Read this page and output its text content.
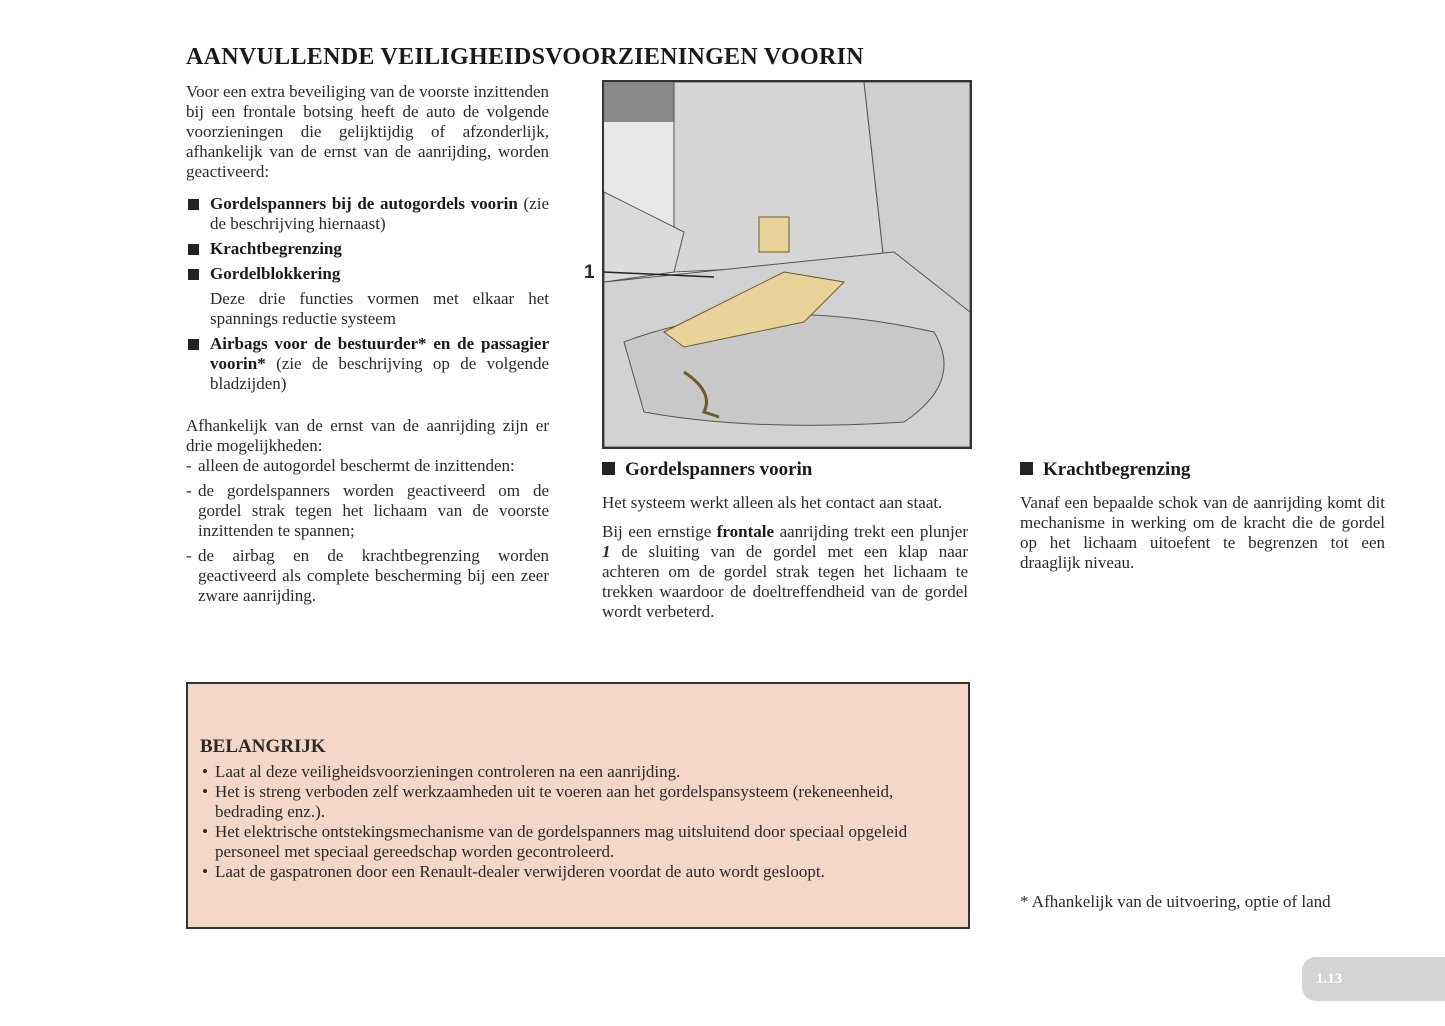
AANVULLENDE VEILIGHEIDSVOORZIENINGEN VOORIN

Voor een extra beveiliging van de voorste inzittenden bij een frontale botsing heeft de auto de volgende voorzieningen die gelijktijdig of afzonderlijk, afhankelijk van de ernst van de aanrijding, worden geactiveerd:

Gordelspanners bij de autogordels voorin (zie de beschrijving hiernaast)

Krachtbegrenzing

Gordelblokkering

Deze drie functies vormen met elkaar het spannings reductie systeem

Airbags voor de bestuurder* en de passagier voorin* (zie de beschrijving op de volgende bladzijden)

Afhankelijk van de ernst van de aanrijding zijn er drie mogelijkheden:

- alleen de autogordel beschermt de inzittenden:

- de gordelspanners worden geactiveerd om de gordel strak tegen het lichaam van de voorste inzittenden te spannen;

- de airbag en de krachtbegrenzing worden geactiveerd als complete bescherming bij een zeer zware aanrijding.

1
Gordelspanners voorin

Het systeem werkt alleen als het contact aan staat.

Bij een ernstige frontale aanrijding trekt een plunjer 1 de sluiting van de gordel met een klap naar achteren om de gordel strak tegen het lichaam te trekken waardoor de doeltreffendheid van de gordel wordt verbeterd.

Krachtbegrenzing

Vanaf een bepaalde schok van de aanrijding komt dit mechanisme in werking om de kracht die de gordel op het lichaam uitoefent te begrenzen tot een draaglijk niveau.

BELANGRIJK
• Laat al deze veiligheidsvoorzieningen controleren na een aanrijding.
• Het is streng verboden zelf werkzaamheden uit te voeren aan het gordelspansysteem (rekeneenheid, bedrading enz.).
• Het elektrische ontstekingsmechanisme van de gordelspanners mag uitsluitend door speciaal opgeleid personeel met speciaal gereedschap worden gecontroleerd.
• Laat de gaspatronen door een Renault-dealer verwijderen voordat de auto wordt gesloopt.

* Afhankelijk van de uitvoering, optie of land

1.13
